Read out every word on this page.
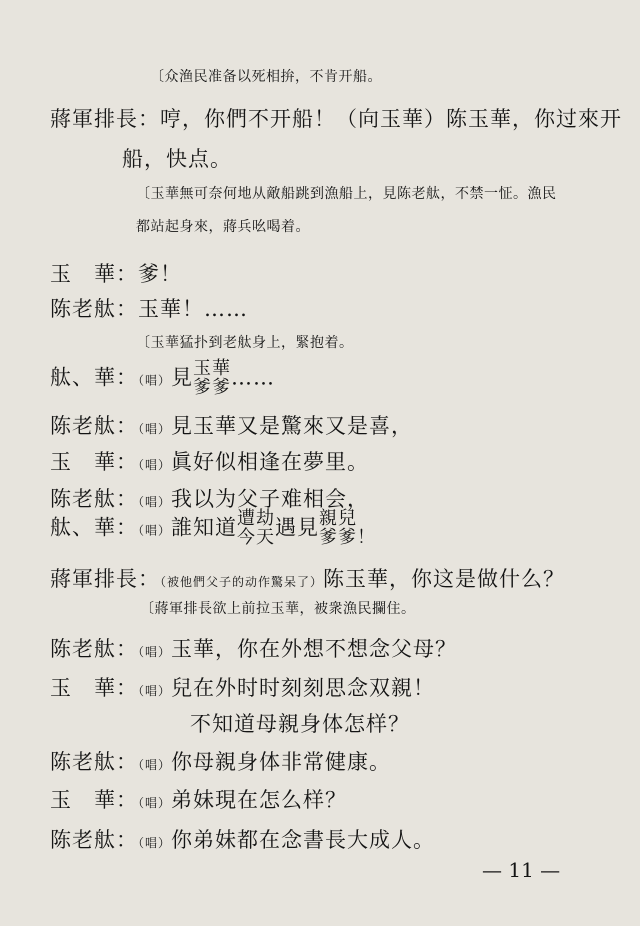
〔众渔民准备以死相拚，不肯开船。
蔣軍排長：哼，你們不开船！（向玉華）陈玉華，你过來开
船，快点。
〔玉華無可奈何地从敵船跳到漁船上，見陈老舦，不禁一怔。漁民
都站起身來，蔣兵吆喝着。
玉　華：爹！
陈老舦：玉華！……
〔玉華猛扑到老舦身上，緊抱着。
舦、華：（唱）見 玉華
爹爹 ……
陈老舦：（唱）見玉華又是驚來又是喜，
玉　華：（唱）眞好似相逢在夢里。
陈老舦：（唱）我以为父子难相会，
舦、華：（唱）誰知道 遭劫
今天 遇見 親兒
爹爹！
蔣軍排長：（被他們父子的动作驚呆了）陈玉華，你这是做什么？
〔蔣軍排長欲上前拉玉華，被衆漁民攔住。
陈老舦：（唱）玉華，你在外想不想念父母？
玉　華：（唱）兒在外时时刻刻思念双親！
不知道母親身体怎样？
陈老舦：（唱）你母親身体非常健康。
玉　華：（唱）弟妹現在怎么样？
陈老舦：（唱）你弟妹都在念書長大成人。
— 11 —
